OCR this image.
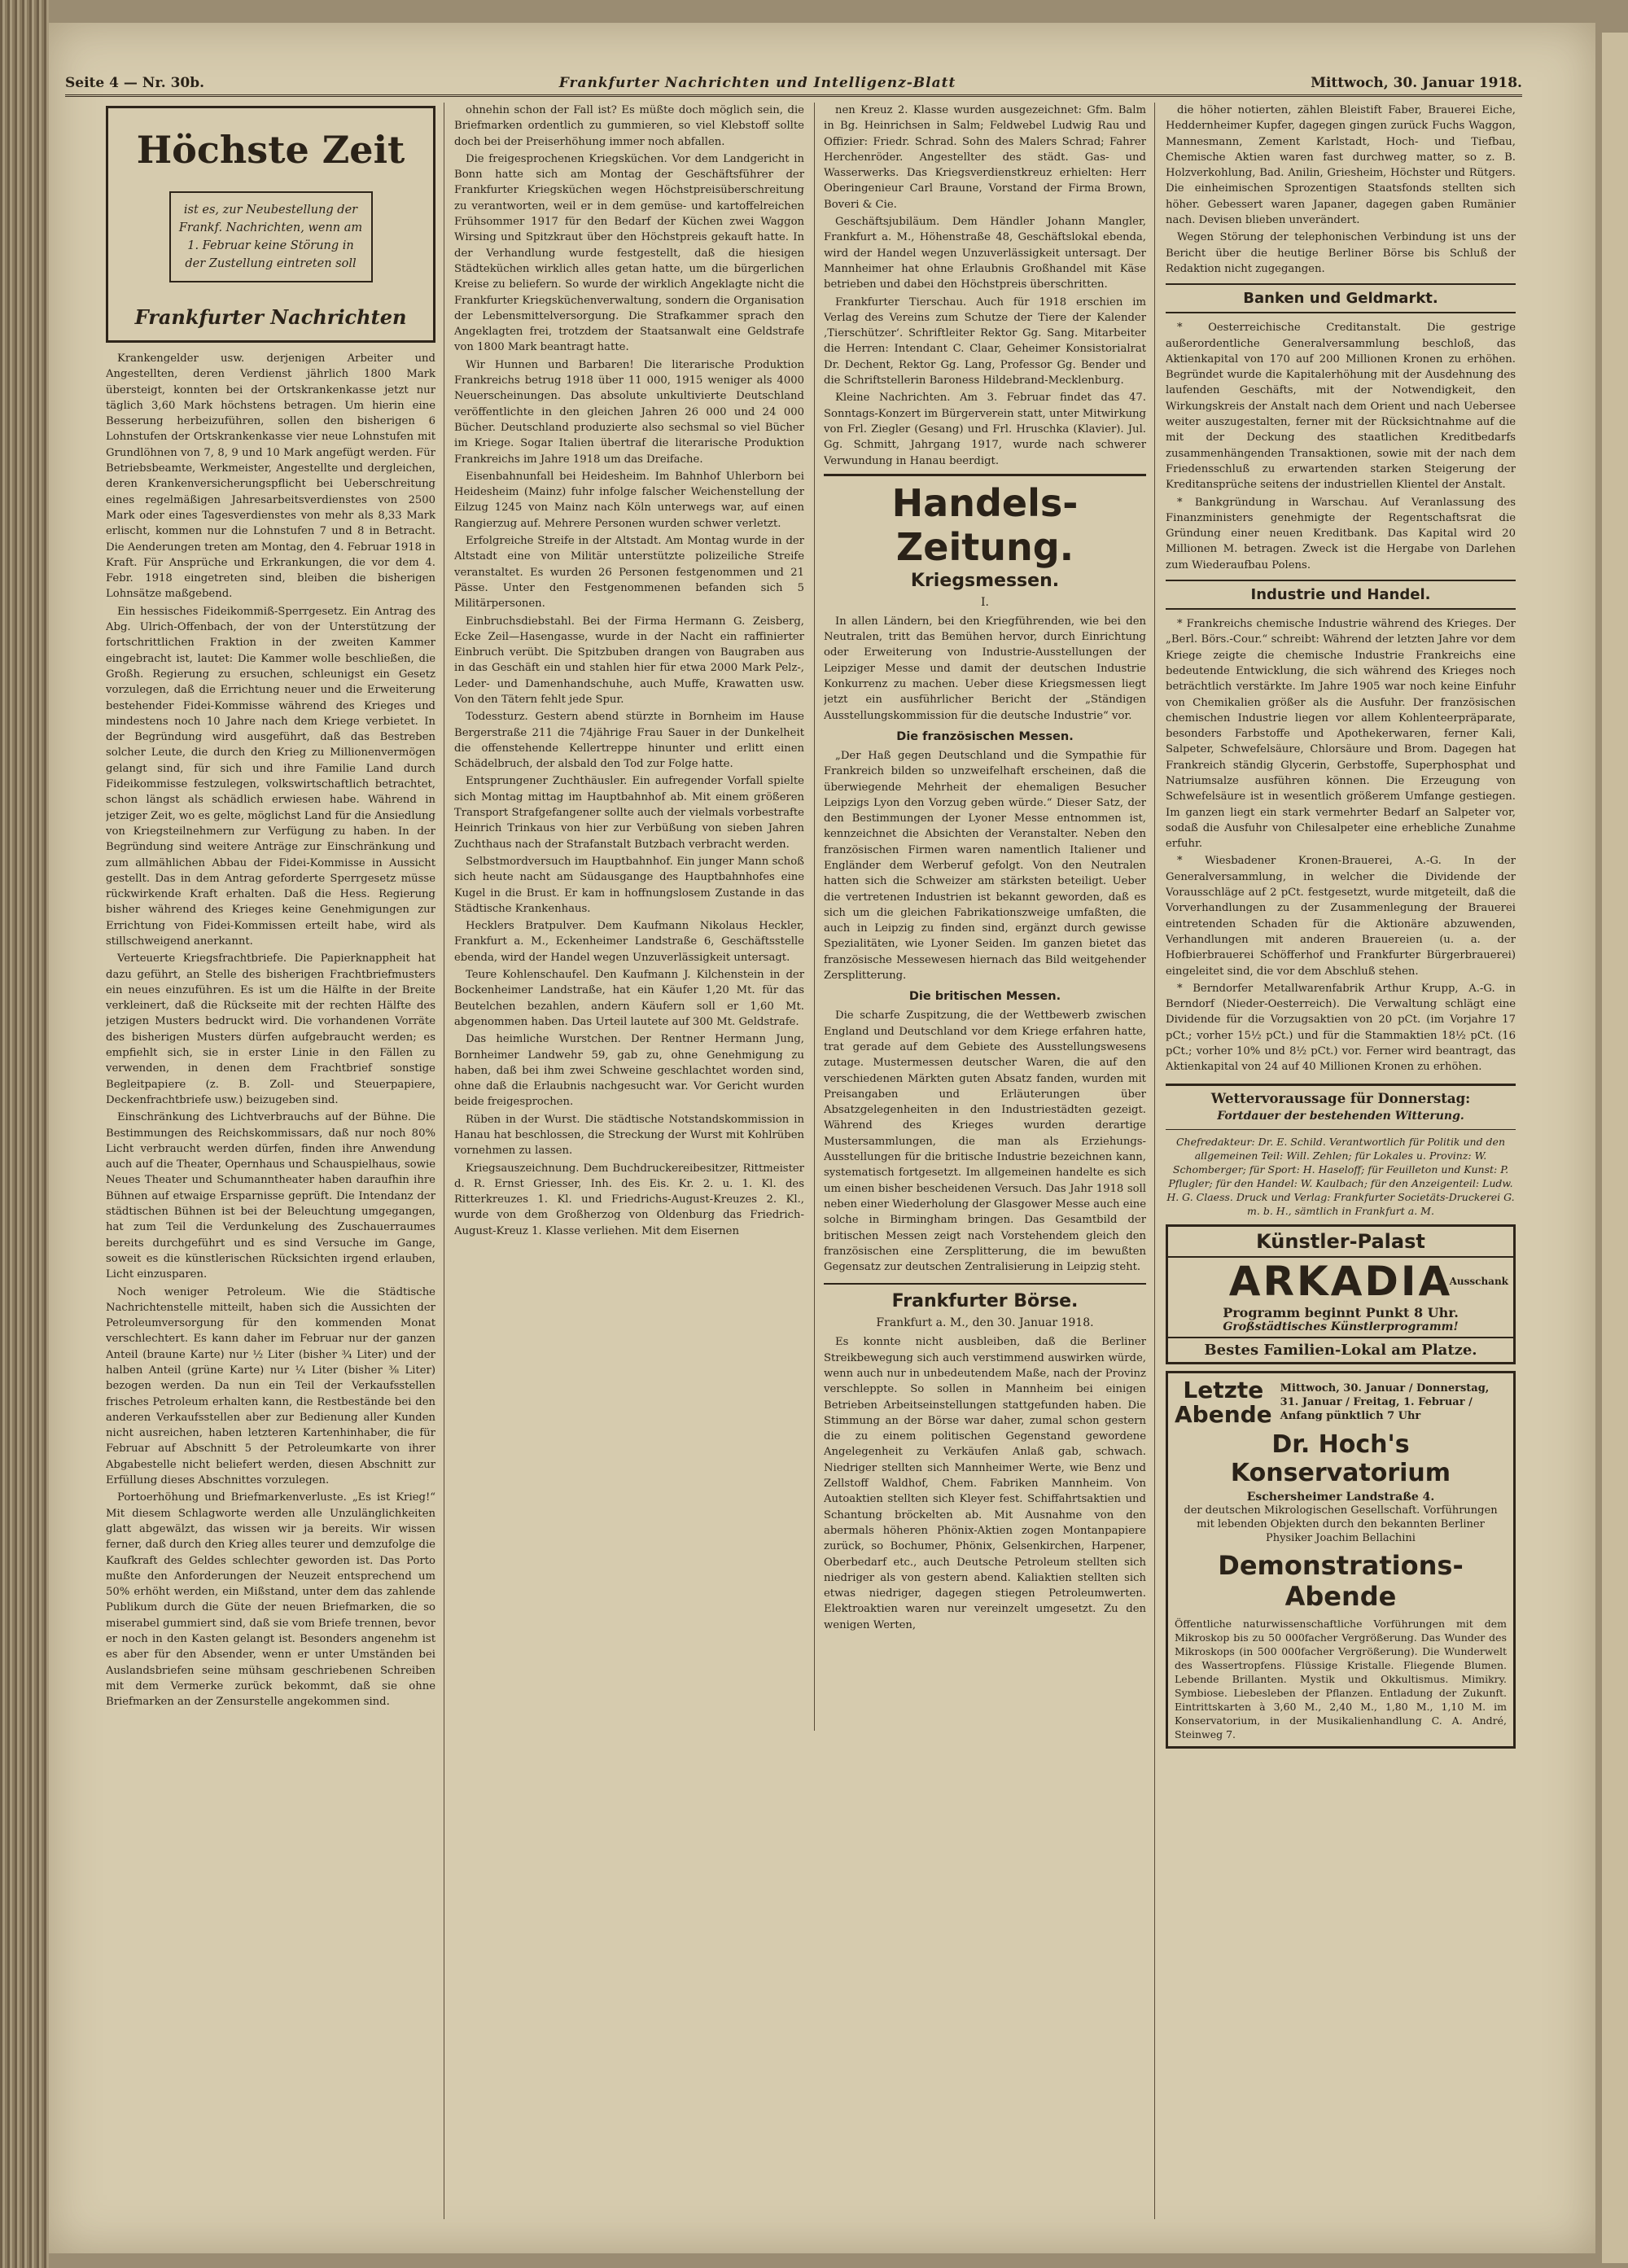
Seite 4 — Nr. 30b.	Frankfurter Nachrichten und Intelligenz-Blatt	Mittwoch, 30. Januar 1918.
Höchste Zeit
ist es, zur Neubestellung der Frankf. Nachrichten, wenn am 1. Februar keine Störung in der Zustellung eintreten soll
Frankfurter Nachrichten

Krankengelder usw. derjenigen Arbeiter und Angestellten, deren Verdienst jährlich 1800 Mark übersteigt, konnten bei der Ortskrankenkasse jetzt nur täglich 3,60 Mark höchstens betragen. Um hierin eine Besserung herbeizuführen, sollen den bisherigen 6 Lohnstufen der Ortskrankenkasse vier neue Lohnstufen mit Grundlöhnen von 7, 8, 9 und 10 Mark angefügt werden. Für Betriebsbeamte, Werkmeister, Angestellte und dergleichen, deren Krankenversicherungspflicht bei Ueberschreitung eines regelmäßigen Jahresarbeitsverdienstes von 2500 Mark oder eines Tagesverdienstes von mehr als 8,33 Mark erlischt, kommen nur die Lohnstufen 7 und 8 in Betracht. Die Aenderungen treten am Montag, den 4. Februar 1918 in Kraft. Für Ansprüche und Erkrankungen, die vor dem 4. Febr. 1918 eingetreten sind, bleiben die bisherigen Lohnsätze maßgebend.

Ein hessisches Fideikommiß-Sperrgesetz. Ein Antrag des Abg. Ulrich-Offenbach, der von der Unterstützung der fortschrittlichen Fraktion in der zweiten Kammer eingebracht ist, lautet: Die Kammer wolle beschließen, die Großh. Regierung zu ersuchen, schleunigst ein Gesetz vorzulegen, daß die Errichtung neuer und die Erweiterung bestehender Fidei-Kommisse während des Krieges und mindestens noch 10 Jahre nach dem Kriege verbietet. In der Begründung wird ausgeführt, daß das Bestreben solcher Leute, die durch den Krieg zu Millionenvermögen gelangt sind, für sich und ihre Familie Land durch Fideikommisse festzulegen, volkswirtschaftlich betrachtet, schon längst als schädlich erwiesen habe. Während in jetziger Zeit, wo es gelte, möglichst Land für die Ansiedlung von Kriegsteilnehmern zur Verfügung zu haben. In der Begründung sind weitere Anträge zur Einschränkung und zum allmählichen Abbau der Fidei-Kommisse in Aussicht gestellt. Das in dem Antrag geforderte Sperrgesetz müsse rückwirkende Kraft erhalten. Daß die Hess. Regierung bisher während des Krieges keine Genehmigungen zur Errichtung von Fidei-Kommissen erteilt habe, wird als stillschweigend anerkannt.

Verteuerte Kriegsfrachtbriefe. Die Papierknappheit hat dazu geführt, an Stelle des bisherigen Frachtbriefmusters ein neues einzuführen. Es ist um die Hälfte in der Breite verkleinert, daß die Rückseite mit der rechten Hälfte des jetzigen Musters bedruckt wird. Die vorhandenen Vorräte des bisherigen Musters dürfen aufgebraucht werden; es empfiehlt sich, sie in erster Linie in den Fällen zu verwenden, in denen dem Frachtbrief sonstige Begleitpapiere (z. B. Zoll- und Steuerpapiere, Deckenfrachtbriefe usw.) beizugeben sind.

Einschränkung des Lichtverbrauchs auf der Bühne. Die Bestimmungen des Reichskommissars, daß nur noch 80% Licht verbraucht werden dürfen, finden ihre Anwendung auch auf die Theater, Opernhaus und Schauspielhaus, sowie Neues Theater und Schumanntheater haben daraufhin ihre Bühnen auf etwaige Ersparnisse geprüft. Die Intendanz der städtischen Bühnen ist bei der Beleuchtung umgegangen, hat zum Teil die Verdunkelung des Zuschauerraumes bereits durchgeführt und es sind Versuche im Gange, soweit es die künstlerischen Rücksichten irgend erlauben, Licht einzusparen.

Noch weniger Petroleum. Wie die Städtische Nachrichtenstelle mitteilt, haben sich die Aussichten der Petroleumversorgung für den kommenden Monat verschlechtert. Es kann daher im Februar nur der ganzen Anteil (braune Karte) nur ½ Liter (bisher ¾ Liter) und der halben Anteil (grüne Karte) nur ¼ Liter (bisher ⅜ Liter) bezogen werden. Da nun ein Teil der Verkaufsstellen frisches Petroleum erhalten kann, die Restbestände bei den anderen Verkaufsstellen aber zur Bedienung aller Kunden nicht ausreichen, haben letzteren Kartenhinhaber, die für Februar auf Abschnitt 5 der Petroleumkarte von ihrer Abgabestelle nicht beliefert werden, diesen Abschnitt zur Erfüllung dieses Abschnittes vorzulegen.

Portoerhöhung und Briefmarkenverluste. „Es ist Krieg!“ Mit diesem Schlagworte werden alle Unzulänglichkeiten glatt abgewälzt, das wissen wir ja bereits. Wir wissen ferner, daß durch den Krieg alles teurer und demzufolge die Kaufkraft des Geldes schlechter geworden ist. Das Porto mußte den Anforderungen der Neuzeit entsprechend um 50% erhöht werden, ein Mißstand, unter dem das zahlende Publikum durch die Güte der neuen Briefmarken, die so miserabel gummiert sind, daß sie vom Briefe trennen, bevor er noch in den Kasten gelangt ist. Besonders angenehm ist es aber für den Absender, wenn er unter Umständen bei Auslandsbriefen seine mühsam geschriebenen Schreiben mit dem Vermerke zurück bekommt, daß sie ohne Briefmarken an der Zensurstelle angekommen sind.

ohnehin schon der Fall ist? Es müßte doch möglich sein, die Briefmarken ordentlich zu gummieren, so viel Klebstoff sollte doch bei der Preiserhöhung immer noch abfallen.

Die freigesprochenen Kriegsküchen. Vor dem Landgericht in Bonn hatte sich am Montag der Geschäftsführer der Frankfurter Kriegsküchen wegen Höchstpreisüberschreitung zu verantworten, weil er in dem gemüse- und kartoffelreichen Frühsommer 1917 für den Bedarf der Küchen zwei Waggon Wirsing und Spitzkraut über den Höchstpreis gekauft hatte. In der Verhandlung wurde festgestellt, daß die hiesigen Städteküchen wirklich alles getan hatte, um die bürgerlichen Kreise zu beliefern. So wurde der wirklich Angeklagte nicht die Frankfurter Kriegsküchenverwaltung, sondern die Organisation der Lebensmittelversorgung. Die Strafkammer sprach den Angeklagten frei, trotzdem der Staatsanwalt eine Geldstrafe von 1800 Mark beantragt hatte.

Wir Hunnen und Barbaren! Die literarische Produktion Frankreichs betrug 1918 über 11 000, 1915 weniger als 4000 Neuerscheinungen. Das absolute unkultivierte Deutschland veröffentlichte in den gleichen Jahren 26 000 und 24 000 Bücher. Deutschland produzierte also sechsmal so viel Bücher im Kriege. Sogar Italien übertraf die literarische Produktion Frankreichs im Jahre 1918 um das Dreifache.

Eisenbahnunfall bei Heidesheim. Im Bahnhof Uhlerborn bei Heidesheim (Mainz) fuhr infolge falscher Weichenstellung der Eilzug 1245 von Mainz nach Köln unterwegs war, auf einen Rangierzug auf. Mehrere Personen wurden schwer verletzt.

Erfolgreiche Streife in der Altstadt. Am Montag wurde in der Altstadt eine von Militär unterstützte polizeiliche Streife veranstaltet. Es wurden 26 Personen festgenommen und 21 Pässe. Unter den Festgenommenen befanden sich 5 Militärpersonen.

Einbruchsdiebstahl. Bei der Firma Hermann G. Zeisberg, Ecke Zeil—Hasengasse, wurde in der Nacht ein raffinierter Einbruch verübt. Die Spitzbuben drangen von Baugraben aus in das Geschäft ein und stahlen hier für etwa 2000 Mark Pelz-, Leder- und Damenhandschuhe, auch Muffe, Krawatten usw. Von den Tätern fehlt jede Spur.

Todessturz. Gestern abend stürzte in Bornheim im Hause Bergerstraße 211 die 74jährige Frau Sauer in der Dunkelheit die offenstehende Kellertreppe hinunter und erlitt einen Schädelbruch, der alsbald den Tod zur Folge hatte.

Entsprungener Zuchthäusler. Ein aufregender Vorfall spielte sich Montag mittag im Hauptbahnhof ab. Mit einem größeren Transport Strafgefangener sollte auch der vielmals vorbestrafte Heinrich Trinkaus von hier zur Verbüßung von sieben Jahren Zuchthaus nach der Strafanstalt Butzbach verbracht werden.

Selbstmordversuch im Hauptbahnhof. Ein junger Mann schoß sich heute nacht am Südausgange des Hauptbahnhofes eine Kugel in die Brust. Er kam in hoffnungslosem Zustande in das Städtische Krankenhaus.

Hecklers Bratpulver. Dem Kaufmann Nikolaus Heckler, Frankfurt a. M., Eckenheimer Landstraße 6, Geschäftsstelle ebenda, wird der Handel wegen Unzuverlässigkeit untersagt.

Teure Kohlenschaufel. Den Kaufmann J. Kilchenstein in der Bockenheimer Landstraße, hat ein Käufer 1,20 Mt. für das Beutelchen bezahlen, andern Käufern soll er 1,60 Mt. abgenommen haben. Das Urteil lautete auf 300 Mt. Geldstrafe.

Das heimliche Wurstchen. Der Rentner Hermann Jung, Bornheimer Landwehr 59, gab zu, ohne Genehmigung zu haben, daß bei ihm zwei Schweine geschlachtet worden sind, ohne daß die Erlaubnis nachgesucht war. Vor Gericht wurden beide freigesprochen.

Rüben in der Wurst. Die städtische Notstandskommission in Hanau hat beschlossen, die Streckung der Wurst mit Kohlrüben vornehmen zu lassen.

Kriegsauszeichnung. Dem Buchdruckereibesitzer, Rittmeister d. R. Ernst Griesser, Inh. des Eis. Kr. 2. u. 1. Kl. des Ritterkreuzes 1. Kl. und Friedrichs-August-Kreuzes 2. Kl., wurde von dem Großherzog von Oldenburg das Friedrich-August-Kreuz 1. Klasse verliehen. Mit dem Eisernen

nen Kreuz 2. Klasse wurden ausgezeichnet: Gfm. Balm in Bg. Heinrichsen in Salm; Feldwebel Ludwig Rau und Offizier: Friedr. Schrad. Sohn des Malers Schrad; Fahrer Herchenröder. Angestellter des städt. Gas- und Wasserwerks. Das Kriegsverdienstkreuz erhielten: Herr Oberingenieur Carl Braune, Vorstand der Firma Brown, Boveri & Cie.

Geschäftsjubiläum. Dem Händler Johann Mangler, Frankfurt a. M., Höhenstraße 48, Geschäftslokal ebenda, wird der Handel wegen Unzuverlässigkeit untersagt. Der Mannheimer hat ohne Erlaubnis Großhandel mit Käse betrieben und dabei den Höchstpreis überschritten.

Frankfurter Tierschau. Auch für 1918 erschien im Verlag des Vereins zum Schutze der Tiere der Kalender ‚Tierschützer‘. Schriftleiter Rektor Gg. Sang. Mitarbeiter die Herren: Intendant C. Claar, Geheimer Konsistorialrat Dr. Dechent, Rektor Gg. Lang, Professor Gg. Bender und die Schriftstellerin Baroness Hildebrand-Mecklenburg.

Kleine Nachrichten. Am 3. Februar findet das 47. Sonntags-Konzert im Bürgerverein statt, unter Mitwirkung von Frl. Ziegler (Gesang) und Frl. Hruschka (Klavier). Jul. Gg. Schmitt, Jahrgang 1917, wurde nach schwerer Verwundung in Hanau beerdigt.

Handels-Zeitung.
Kriegsmessen.
I.

In allen Ländern, bei den Kriegführenden, wie bei den Neutralen, tritt das Bemühen hervor, durch Einrichtung oder Erweiterung von Industrie-Ausstellungen der Leipziger Messe und damit der deutschen Industrie Konkurrenz zu machen. Ueber diese Kriegsmessen liegt jetzt ein ausführlicher Bericht der „Ständigen Ausstellungskommission für die deutsche Industrie“ vor.

Die französischen Messen.

„Der Haß gegen Deutschland und die Sympathie für Frankreich bilden so unzweifelhaft erscheinen, daß die überwiegende Mehrheit der ehemaligen Besucher Leipzigs Lyon den Vorzug geben würde.“ Dieser Satz, der den Bestimmungen der Lyoner Messe entnommen ist, kennzeichnet die Absichten der Veranstalter. Neben den französischen Firmen waren namentlich Italiener und Engländer dem Werberuf gefolgt. Von den Neutralen hatten sich die Schweizer am stärksten beteiligt. Ueber die vertretenen Industrien ist bekannt geworden, daß es sich um die gleichen Fabrikationszweige umfaßten, die auch in Leipzig zu finden sind, ergänzt durch gewisse Spezialitäten, wie Lyoner Seiden. Im ganzen bietet das französische Messewesen hiernach das Bild weitgehender Zersplitterung.

Die britischen Messen.

Die scharfe Zuspitzung, die der Wettbewerb zwischen England und Deutschland vor dem Kriege erfahren hatte, trat gerade auf dem Gebiete des Ausstellungswesens zutage. Mustermessen deutscher Waren, die auf den verschiedenen Märkten guten Absatz fanden, wurden mit Preisangaben und Erläuterungen über Absatzgelegenheiten in den Industriestädten gezeigt. Während des Krieges wurden derartige Mustersammlungen, die man als Erziehungs-Ausstellungen für die britische Industrie bezeichnen kann, systematisch fortgesetzt. Im allgemeinen handelte es sich um einen bisher bescheidenen Versuch. Das Jahr 1918 soll neben einer Wiederholung der Glasgower Messe auch eine solche in Birmingham bringen. Das Gesamtbild der britischen Messen zeigt nach Vorstehendem gleich den französischen eine Zersplitterung, die im bewußten Gegensatz zur deutschen Zentralisierung in Leipzig steht.

Frankfurter Börse.
Frankfurt a. M., den 30. Januar 1918.

Es konnte nicht ausbleiben, daß die Berliner Streikbewegung sich auch verstimmend auswirken würde, wenn auch nur in unbedeutendem Maße, nach der Provinz verschleppte. So sollen in Mannheim bei einigen Betrieben Arbeitseinstellungen stattgefunden haben. Die Stimmung an der Börse war daher, zumal schon gestern die zu einem politischen Gegenstand gewordene Angelegenheit zu Verkäufen Anlaß gab, schwach. Niedriger stellten sich Mannheimer Werte, wie Benz und Zellstoff Waldhof, Chem. Fabriken Mannheim. Von Autoaktien stellten sich Kleyer fest. Schiffahrtsaktien und Schantung bröckelten ab. Mit Ausnahme von den abermals höheren Phönix-Aktien zogen Montanpapiere zurück, so Bochumer, Phönix, Gelsenkirchen, Harpener, Oberbedarf etc., auch Deutsche Petroleum stellten sich niedriger als von gestern abend. Kaliaktien stellten sich etwas niedriger, dagegen stiegen Petroleumwerten. Elektroaktien waren nur vereinzelt umgesetzt. Zu den wenigen Werten,

die höher notierten, zählen Bleistift Faber, Brauerei Eiche, Heddernheimer Kupfer, dagegen gingen zurück Fuchs Waggon, Mannesmann, Zement Karlstadt, Hoch- und Tiefbau, Chemische Aktien waren fast durchweg matter, so z. B. Holzverkohlung, Bad. Anilin, Griesheim, Höchster und Rütgers. Die einheimischen Sprozentigen Staatsfonds stellten sich höher. Gebessert waren Japaner, dagegen gaben Rumänier nach. Devisen blieben unverändert.

Wegen Störung der telephonischen Verbindung ist uns der Bericht über die heutige Berliner Börse bis Schluß der Redaktion nicht zugegangen.

Banken und Geldmarkt.

* Oesterreichische Creditanstalt. Die gestrige außerordentliche Generalversammlung beschloß, das Aktienkapital von 170 auf 200 Millionen Kronen zu erhöhen. Begründet wurde die Kapitalerhöhung mit der Ausdehnung des laufenden Geschäfts, mit der Notwendigkeit, den Wirkungskreis der Anstalt nach dem Orient und nach Uebersee weiter auszugestalten, ferner mit der Rücksichtnahme auf die mit der Deckung des staatlichen Kreditbedarfs zusammenhängenden Transaktionen, sowie mit der nach dem Friedensschluß zu erwartenden starken Steigerung der Kreditansprüche seitens der industriellen Klientel der Anstalt.

* Bankgründung in Warschau. Auf Veranlassung des Finanzministers genehmigte der Regentschaftsrat die Gründung einer neuen Kreditbank. Das Kapital wird 20 Millionen M. betragen. Zweck ist die Hergabe von Darlehen zum Wiederaufbau Polens.

Industrie und Handel.

* Frankreichs chemische Industrie während des Krieges. Der „Berl. Börs.-Cour.“ schreibt: Während der letzten Jahre vor dem Kriege zeigte die chemische Industrie Frankreichs eine bedeutende Entwicklung, die sich während des Krieges noch beträchtlich verstärkte. Im Jahre 1905 war noch keine Einfuhr von Chemikalien größer als die Ausfuhr. Der französischen chemischen Industrie liegen vor allem Kohlenteerpräparate, besonders Farbstoffe und Apothekerwaren, ferner Kali, Salpeter, Schwefelsäure, Chlorsäure und Brom. Dagegen hat Frankreich ständig Glycerin, Gerbstoffe, Superphosphat und Natriumsalze ausführen können. Die Erzeugung von Schwefelsäure ist in wesentlich größerem Umfange gestiegen. Im ganzen liegt ein stark vermehrter Bedarf an Salpeter vor, sodaß die Ausfuhr von Chilesalpeter eine erhebliche Zunahme erfuhr.

* Wiesbadener Kronen-Brauerei, A.-G. In der Generalversammlung, in welcher die Dividende der Vorausschläge auf 2 pCt. festgesetzt, wurde mitgeteilt, daß die Vorverhandlungen zu der Zusammenlegung der Brauerei eintretenden Schaden für die Aktionäre abzuwenden, Verhandlungen mit anderen Brauereien (u. a. der Hofbierbrauerei Schöfferhof und Frankfurter Bürgerbrauerei) eingeleitet sind, die vor dem Abschluß stehen.

* Berndorfer Metallwarenfabrik Arthur Krupp, A.-G. in Berndorf (Nieder-Oesterreich). Die Verwaltung schlägt eine Dividende für die Vorzugsaktien von 20 pCt. (im Vorjahre 17 pCt.; vorher 15½ pCt.) und für die Stammaktien 18½ pCt. (16 pCt.; vorher 10% und 8½ pCt.) vor. Ferner wird beantragt, das Aktienkapital von 24 auf 40 Millionen Kronen zu erhöhen.

Wettervoraussage für Donnerstag:
Fortdauer der bestehenden Witterung.
Chefredakteur: Dr. E. Schild. Verantwortlich für Politik und den allgemeinen Teil: Will. Zehlen; für Lokales u. Provinz: W. Schomberger; für Sport: H. Haseloff; für Feuilleton und Kunst: P. Pflugler; für den Handel: W. Kaulbach; für den Anzeigenteil: Ludw. H. G. Claess. Druck und Verlag: Frankfurter Societäts-Druckerei G. m. b. H., sämtlich in Frankfurt a. M.
Künstler-Palast
ARKADIA
Ausschank
Programm beginnt Punkt 8 Uhr.
Großstädtisches Künstlerprogramm!
Bestes Familien-Lokal am Platze.
Letzte Abende
Mittwoch, 30. Januar / Donnerstag, 31. Januar / Freitag, 1. Februar / Anfang pünktlich 7 Uhr
Dr. Hoch's Konservatorium
Eschersheimer Landstraße 4.
der deutschen Mikrologischen Gesellschaft. Vorführungen mit lebenden Objekten durch den bekannten Berliner Physiker Joachim Bellachini
Demonstrations-Abende
Öffentliche naturwissenschaftliche Vorführungen mit dem Mikroskop bis zu 50 000facher Vergrößerung. Das Wunder des Mikroskops (in 500 000facher Vergrößerung). Die Wunderwelt des Wassertropfens. Flüssige Kristalle. Fliegende Blumen. Lebende Brillanten. Mystik und Okkultismus. Mimikry. Symbiose. Liebesleben der Pflanzen. Entladung der Zukunft. Eintrittskarten à 3,60 M., 2,40 M., 1,80 M., 1,10 M. im Konservatorium, in der Musikalienhandlung C. A. André, Steinweg 7.
